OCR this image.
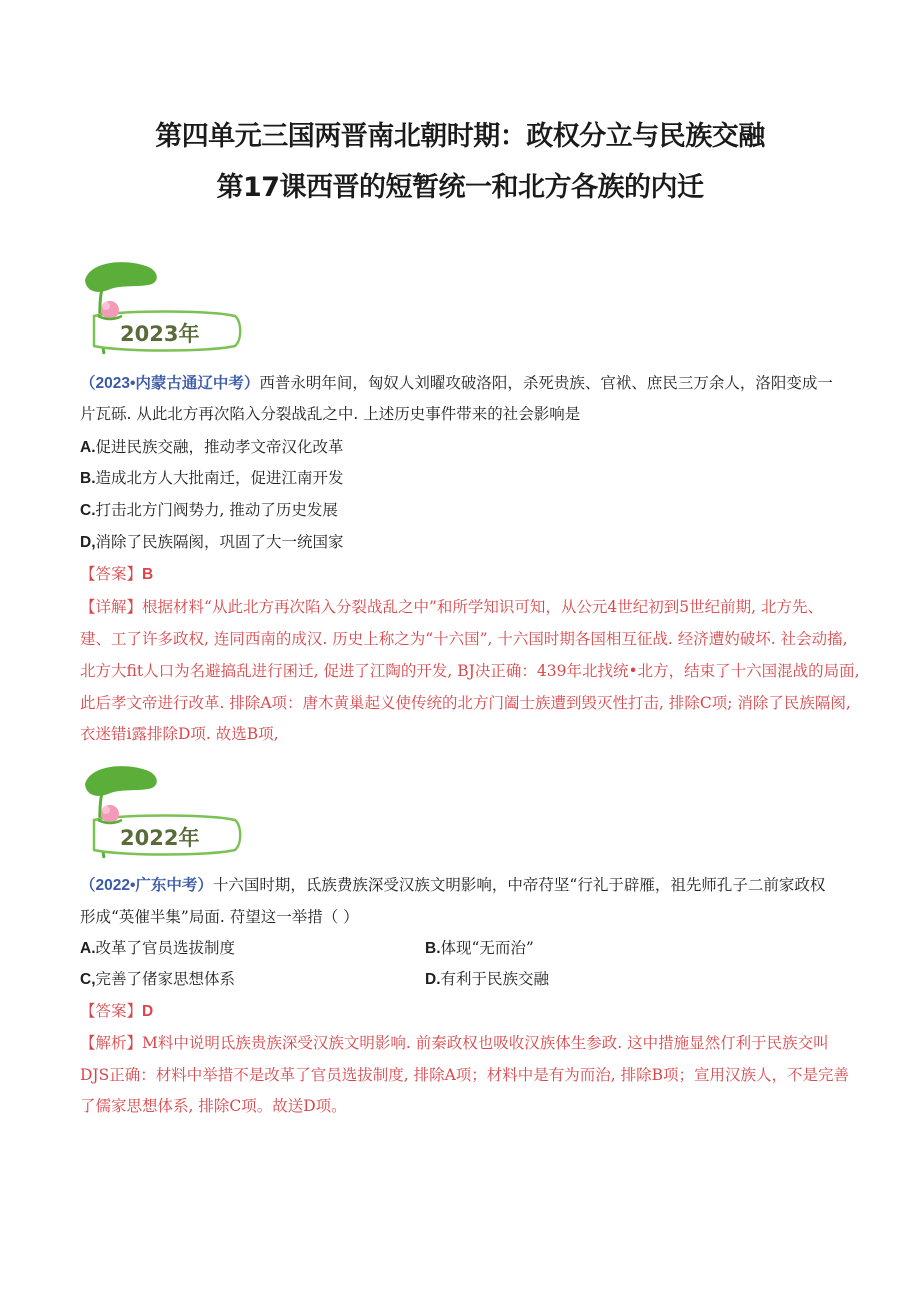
第四单元三国两晋南北朝时期：政权分立与民族交融
第17课西晋的短暂统一和北方各族的内迁
2023年
（2023•内蒙古通辽中考）西普永明年间，匈奴人刘曜攻破洛阳，杀死贵族、官袱、庶民三万余人，洛阳变成一
片瓦砾. 从此北方再次陷入分裂战乱之中. 上述历史事件带来的社会影响是
A.促进民族交融，推动孝文帝汉化改革
B.造成北方人大批南迁，促进江南开发
C.打击北方门阀势力, 推动了历史发展
D,消除了民族隔阂，巩固了大一统国家
【答案】B
【详解】根据材料“从此北方再次陷入分裂战乱之中”和所学知识可知，从公元4世纪初到5世纪前期, 北方先、
建、工了许多政权, 连同西南的成汉. 历史上称之为“十六国”, 十六国时期各国相互征战. 经济遭妁破坏. 社会动搐,
北方大fit人口为名避搞乱进行囷迁, 促进了江陶的开发, BJ决正确：439年北找统•北方，结束了十六国混战的局面,
此后孝文帝进行改革. 排除A项：唐木黄巢起义使传统的北方门阖士族遭到毁灭性打击, 排除C项; 消除了民族隔阂,
衣迷错i露排除D项. 故选B项,
2022年
（2022•广东中考）十六国时期，氐族费族深受汉族文明影响，中帝苻坚“行礼于辟雁，祖先师孔子二前家政权
形成“英催半集”局面. 苻望这一举措（ ）
A.改革了官员选拔制度	B.体现“无而治”
C,完善了偖家思想体系	D.有利于民族交融
【答案】D
【解析】M料中说明氐族贵族深受汉族文明影响. 前秦政权也吸收汉族体生参政. 这中措施显然仃利于民族交叫
DJS正确：材料中举措不是改革了官员选拔制度, 排除A项；材料中是有为而治, 排除B项；宣用汉族人，不是完善
了儒家思想体系, 排除C项。故送D项。
